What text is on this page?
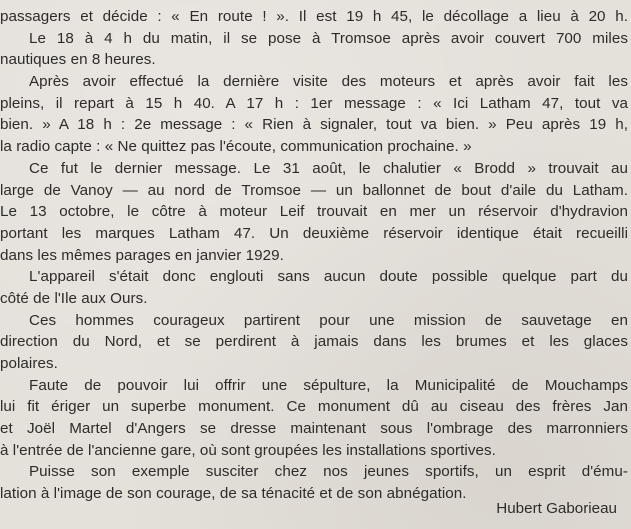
passagers et décide : « En route ! ». Il est 19 h 45, le décollage a lieu à 20 h.
Le 18 à 4 h du matin, il se pose à Tromsoe après avoir couvert 700 miles
nautiques en 8 heures.
Après avoir effectué la dernière visite des moteurs et après avoir fait les
pleins, il repart à 15 h 40. A 17 h : 1er message : « Ici Latham 47, tout va
bien. » A 18 h : 2e message : « Rien à signaler, tout va bien. » Peu après 19 h,
la radio capte : « Ne quittez pas l'écoute, communication prochaine. »
Ce fut le dernier message. Le 31 août, le chalutier « Brodd » trouvait au
large de Vanoy — au nord de Tromsoe — un ballonnet de bout d'aile du Latham.
Le 13 octobre, le côtre à moteur Leif trouvait en mer un réservoir d'hydravion
portant les marques Latham 47. Un deuxième réservoir identique était recueilli
dans les mêmes parages en janvier 1929.
L'appareil s'était donc englouti sans aucun doute possible quelque part du
côté de l'Ile aux Ours.
Ces hommes courageux partirent pour une mission de sauvetage en
direction du Nord, et se perdirent à jamais dans les brumes et les glaces
polaires.
Faute de pouvoir lui offrir une sépulture, la Municipalité de Mouchamps
lui fit ériger un superbe monument. Ce monument dû au ciseau des frères Jan
et Joël Martel d'Angers se dresse maintenant sous l'ombrage des marronniers
à l'entrée de l'ancienne gare, où sont groupées les installations sportives.
Puisse son exemple susciter chez nos jeunes sportifs, un esprit d'ému-
lation à l'image de son courage, de sa ténacité et de son abnégation.
Hubert Gaborieau
